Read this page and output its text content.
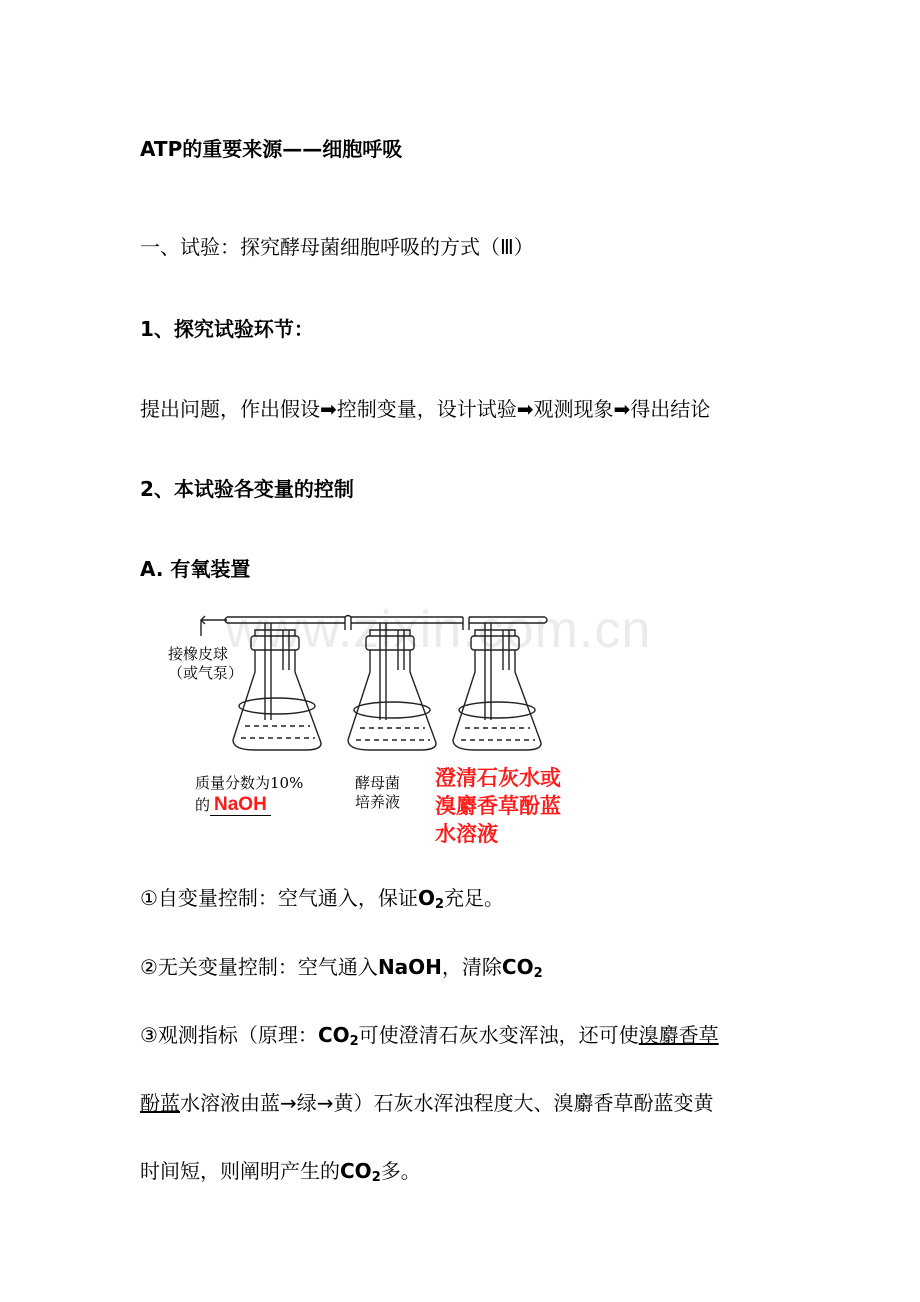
ATP的重要来源——细胞呼吸
一、试验：探究酵母菌细胞呼吸的方式（Ⅲ）
1、探究试验环节：
提出问题，作出假设➡控制变量，设计试验➡观测现象➡得出结论
2、本试验各变量的控制
A. 有氧装置
接橡皮球
（或气泵）
质量分数为10%
的 NaOH
酵母菌
培养液
澄清石灰水或
溴麝香草酚蓝
水溶液
www.zixin.com.cn
①自变量控制：空气通入，保证$O_2$充足。
②无关变量控制：空气通入NaOH，清除$CO_2$
③观测指标（原理：$CO_2$可使澄清石灰水变浑浊，还可使溴麝香草
酚蓝水溶液由蓝→绿→黄）石灰水浑浊程度大、溴麝香草酚蓝变黄
时间短，则阐明产生的$CO_2$多。
